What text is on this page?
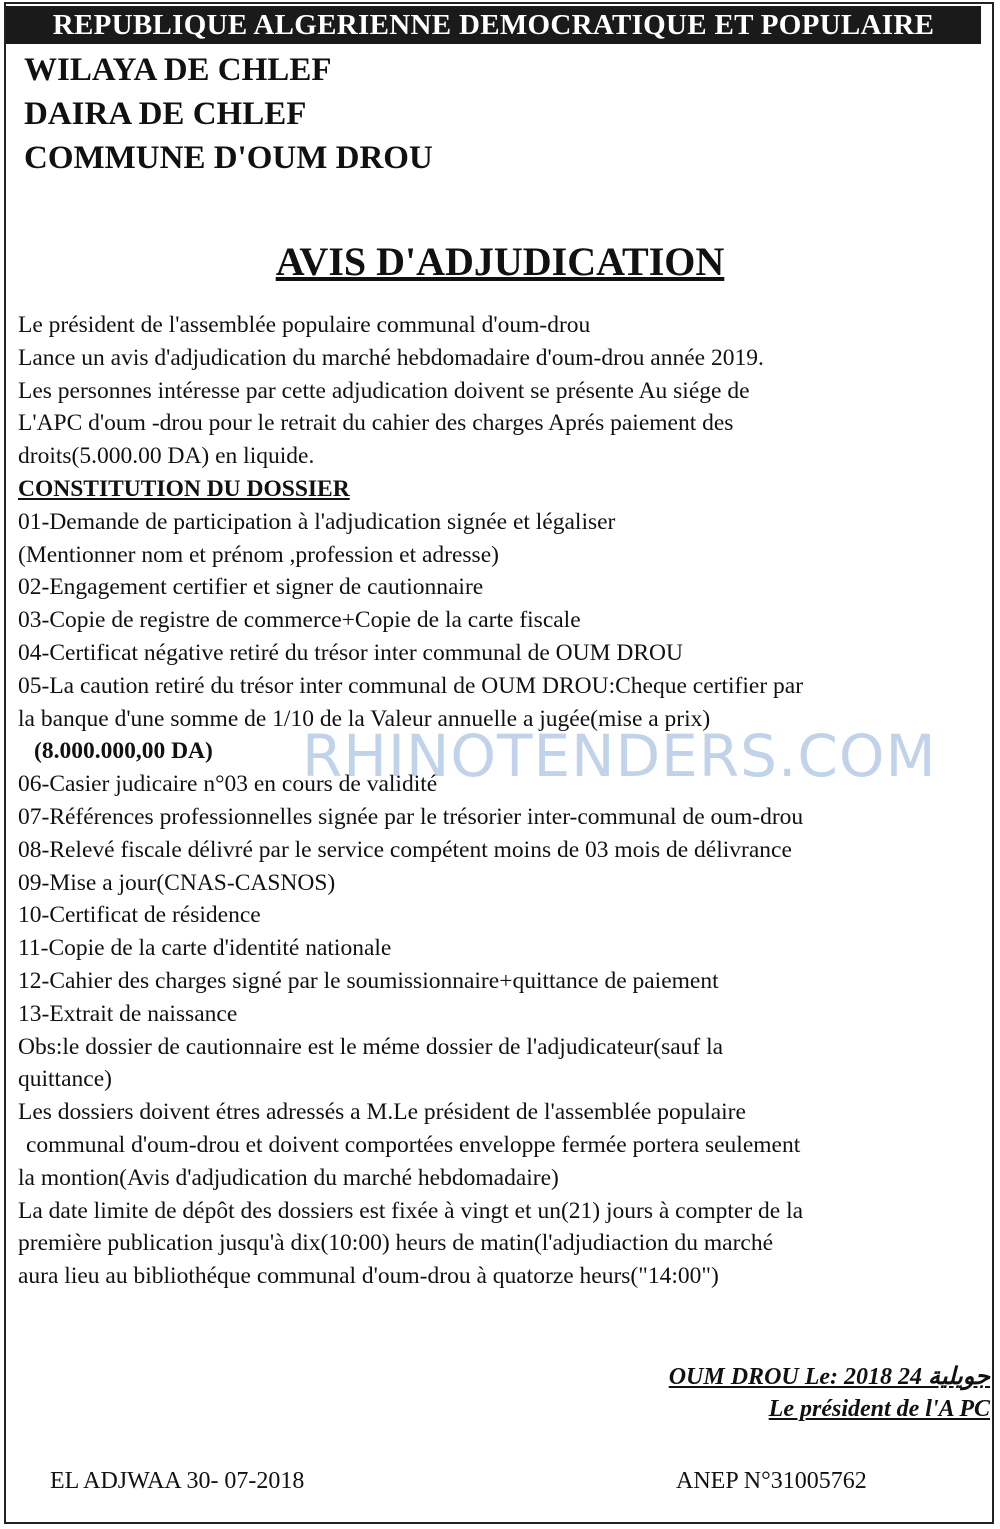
REPUBLIQUE ALGERIENNE DEMOCRATIQUE ET POPULAIRE
WILAYA DE CHLEF
DAIRA DE CHLEF
COMMUNE D'OUM DROU
AVIS D'ADJUDICATION
Le président de l'assemblée populaire communal d'oum-drou
Lance un avis d'adjudication du marché hebdomadaire d'oum-drou année 2019.
Les personnes intéresse par cette adjudication doivent se présente Au siége de
L'APC d'oum -drou pour le retrait du cahier des charges Aprés paiement des
droits(5.000.00 DA) en liquide.
CONSTITUTION DU DOSSIER
01-Demande de participation à l'adjudication signée et légaliser
(Mentionner nom et prénom ,profession et adresse)
02-Engagement certifier et signer de cautionnaire
03-Copie de registre de commerce+Copie de la carte fiscale
04-Certificat négative retiré du trésor inter communal de OUM DROU
05-La caution retiré du trésor inter communal de OUM DROU:Cheque certifier par
la banque d'une somme de 1/10 de la Valeur annuelle a jugée(mise a prix)
(8.000.000,00 DA)
06-Casier judicaire n°03 en cours de validité
07-Références professionnelles signée par le trésorier inter-communal de oum-drou
08-Relevé fiscale délivré par le service compétent moins de 03 mois de délivrance
09-Mise a jour(CNAS-CASNOS)
10-Certificat de résidence
11-Copie de la carte d'identité nationale
12-Cahier des charges signé par le soumissionnaire+quittance de paiement
13-Extrait de naissance
Obs:le dossier de cautionnaire est le méme dossier de l'adjudicateur(sauf la
quittance)
Les dossiers doivent étres adressés a M.Le président de l'assemblée populaire
communal d'oum-drou et doivent comportées enveloppe fermée portera seulement
la montion(Avis d'adjudication du marché hebdomadaire)
La date limite de dépôt des dossiers est fixée à vingt et un(21) jours à compter de la
première publication jusqu'à dix(10:00) heurs de matin(l'adjudiaction du marché
aura lieu au bibliothéque communal d'oum-drou à quatorze heurs("14:00")
RHINOTENDERS.COM
OUM DROU Le: 2018 جويلية 24
Le président de l'A PC
EL ADJWAA 30- 07-2018	ANEP N°31005762
